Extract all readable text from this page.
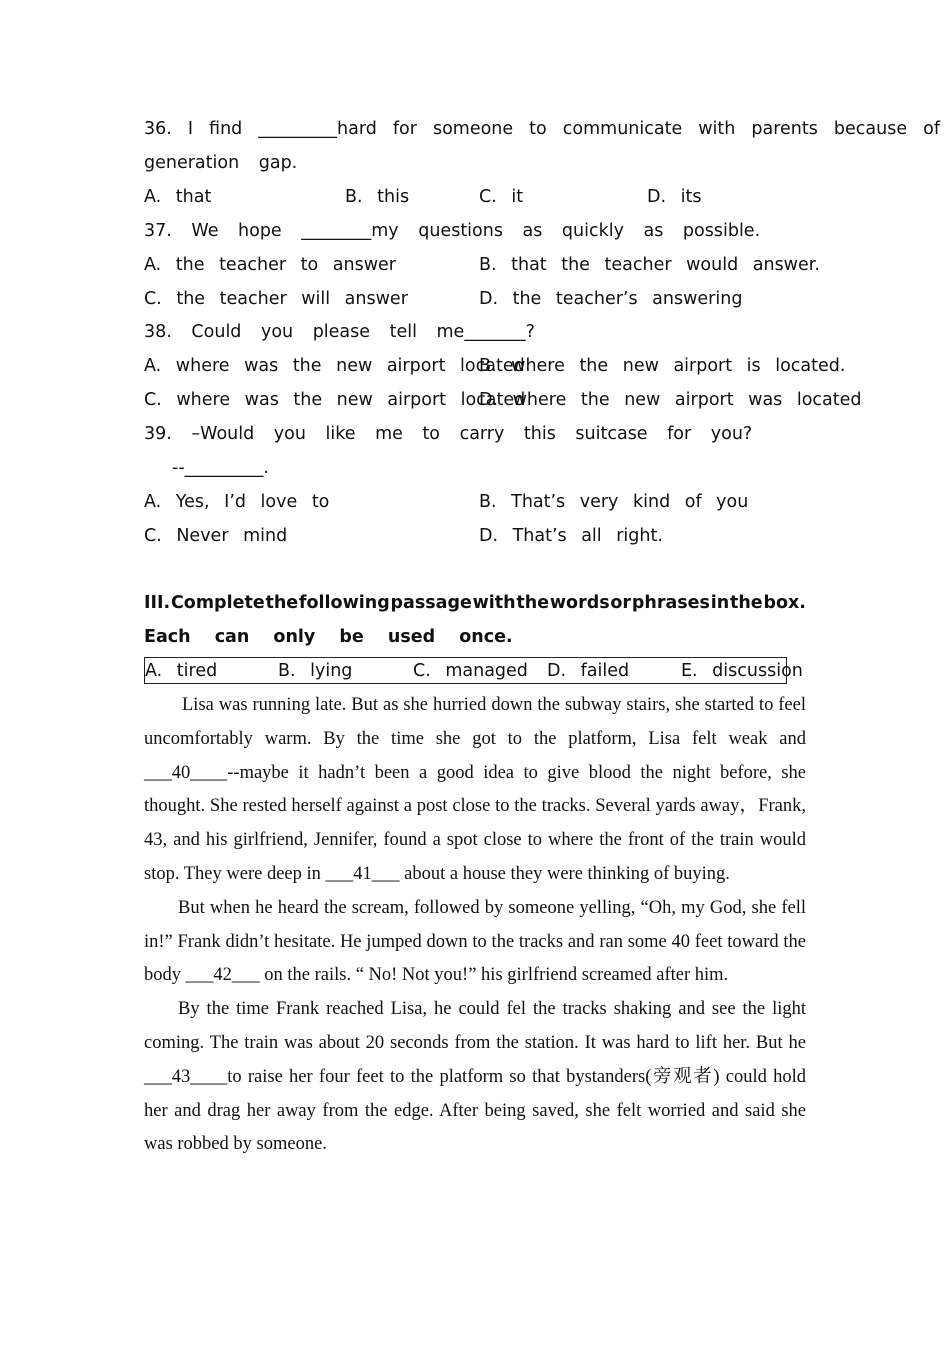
36. I find _________hard for someone to communicate with parents because of
generation gap.
A. that	B. this	C. it	D. its
37. We hope ________my questions as quickly as possible.
A. the teacher to answer	B. that the teacher would answer.
C. the teacher will answer	D. the teacher’s answering
38. Could you please tell me_______?
A. where was the new airport located
B. where the new airport is located.
C. where was the new airport located
D. where the new airport was located
39. –Would you like me to carry this suitcase for you?
--_________.
A. Yes, I’d love to	B. That’s very kind of you
C. Never mind	D. That’s all right.
III. Complete the following passage with the words or phrases in the box.
Each can only be used once.
A. tired	B. lying	C. managed D. failed	E. discussion

Lisa was running late. But as she hurried down the subway stairs, she started to feel uncomfortably warm. By the time she got to the platform, Lisa felt weak and ___40____--maybe it hadn’t been a good idea to give blood the night before, she thought. She rested herself against a post close to the tracks. Several yards away，Frank, 43, and his girlfriend, Jennifer, found a spot close to where the front of the train would stop. They were deep in ___41___ about a house they were thinking of buying.

But when he heard the scream, followed by someone yelling, “Oh, my God, she fell in!” Frank didn’t hesitate. He jumped down to the tracks and ran some 40 feet toward the body ___42___ on the rails. “ No! Not you!” his girlfriend screamed after him.

By the time Frank reached Lisa, he could fel the tracks shaking and see the light coming. The train was about 20 seconds from the station. It was hard to lift her. But he ___43____to raise her four feet to the platform so that bystanders(旁观者) could hold her and drag her away from the edge. After being saved, she felt worried and said she was robbed by someone.
